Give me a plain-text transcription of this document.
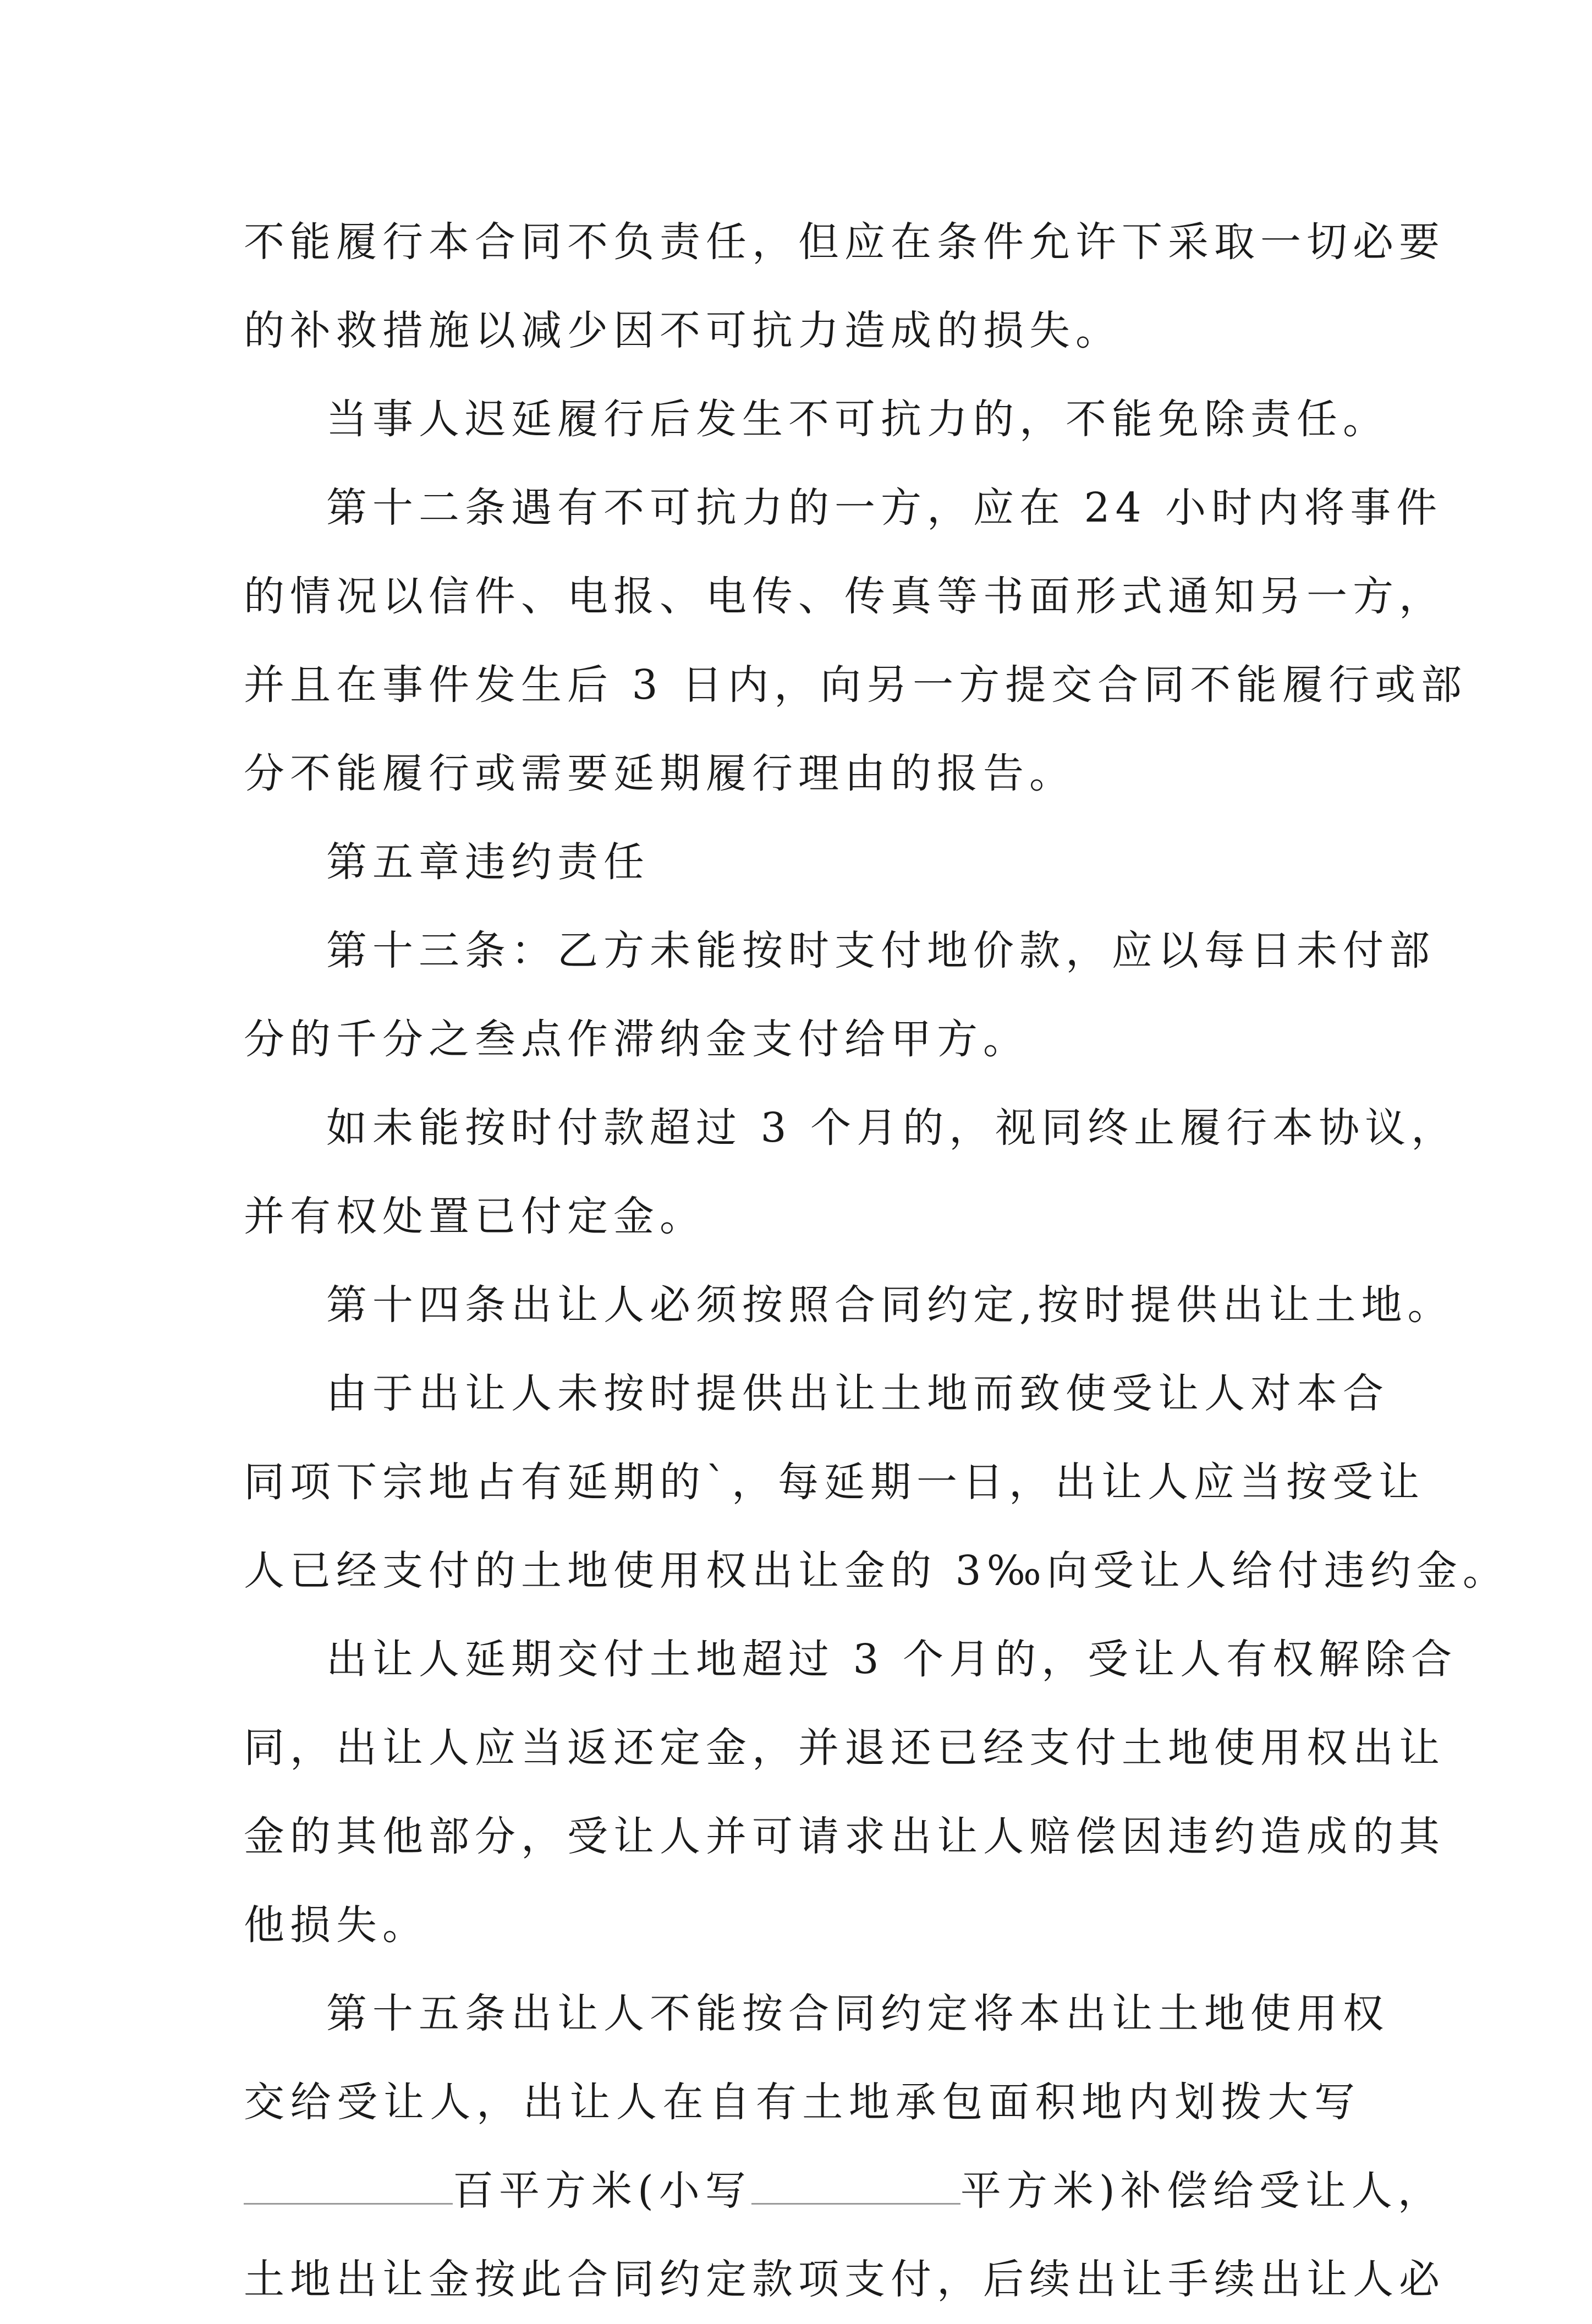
不能履行本合同不负责任，但应在条件允许下采取一切必要
的补救措施以减少因不可抗力造成的损失。
当事人迟延履行后发生不可抗力的，不能免除责任。
第十二条遇有不可抗力的一方，应在 24 小时内将事件
的情况以信件、电报、电传、传真等书面形式通知另一方，
并且在事件发生后 3 日内，向另一方提交合同不能履行或部
分不能履行或需要延期履行理由的报告。
第五章违约责任
第十三条：乙方未能按时支付地价款，应以每日未付部
分的千分之叁点作滞纳金支付给甲方。
如未能按时付款超过 3 个月的，视同终止履行本协议，
并有权处置已付定金。
第十四条出让人必须按照合同约定,按时提供出让土地。
由于出让人未按时提供出让土地而致使受让人对本合
同项下宗地占有延期的`，每延期一日，出让人应当按受让
人已经支付的土地使用权出让金的 3‰向受让人给付违约金。
出让人延期交付土地超过 3 个月的，受让人有权解除合
同，出让人应当返还定金，并退还已经支付土地使用权出让
金的其他部分，受让人并可请求出让人赔偿因违约造成的其
他损失。
第十五条出让人不能按合同约定将本出让土地使用权
交给受让人，出让人在自有土地承包面积地内划拨大写
百平方米(小写	平方米)补偿给受让人，
土地出让金按此合同约定款项支付，后续出让手续出让人必
